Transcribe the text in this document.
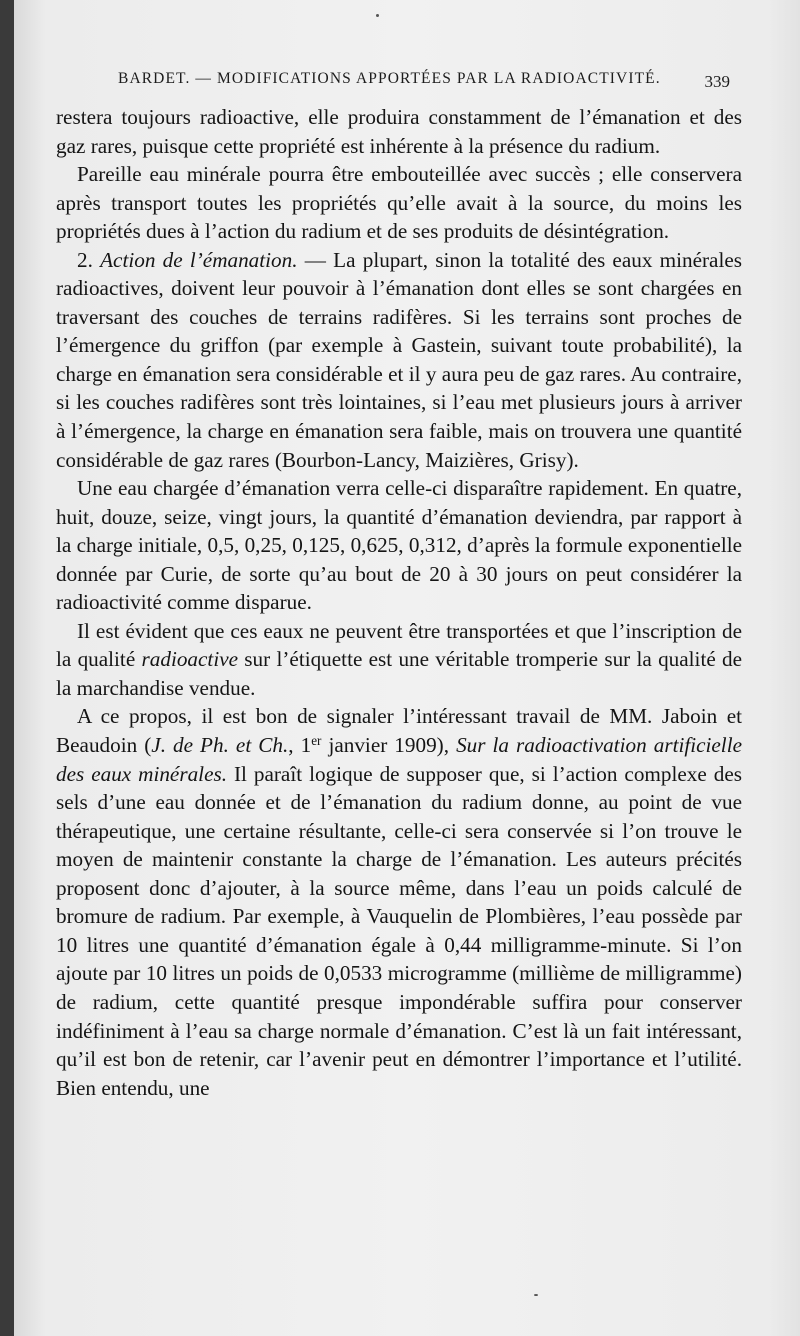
BARDET. — MODIFICATIONS APPORTÉES PAR LA RADIOACTIVITÉ.	339

restera toujours radioactive, elle produira constamment de l’émanation et des gaz rares, puisque cette propriété est inhérente à la présence du radium.

Pareille eau minérale pourra être embouteillée avec succès ; elle conservera après transport toutes les propriétés qu’elle avait à la source, du moins les propriétés dues à l’action du radium et de ses produits de désintégration.

2. Action de l’émanation. — La plupart, sinon la totalité des eaux minérales radioactives, doivent leur pouvoir à l’émanation dont elles se sont chargées en traversant des couches de terrains radifères. Si les terrains sont proches de l’émergence du griffon (par exemple à Gastein, suivant toute probabilité), la charge en émanation sera considérable et il y aura peu de gaz rares. Au contraire, si les couches radifères sont très lointaines, si l’eau met plusieurs jours à arriver à l’émergence, la charge en émanation sera faible, mais on trouvera une quantité considérable de gaz rares (Bourbon-Lancy, Maizières, Grisy).

Une eau chargée d’émanation verra celle-ci disparaître rapidement. En quatre, huit, douze, seize, vingt jours, la quantité d’émanation deviendra, par rapport à la charge initiale, 0,5, 0,25, 0,125, 0,625, 0,312, d’après la formule exponentielle donnée par Curie, de sorte qu’au bout de 20 à 30 jours on peut considérer la radioactivité comme disparue.

Il est évident que ces eaux ne peuvent être transportées et que l’inscription de la qualité radioactive sur l’étiquette est une véritable tromperie sur la qualité de la marchandise vendue.

A ce propos, il est bon de signaler l’intéressant travail de MM. Jaboin et Beaudoin (J. de Ph. et Ch., 1er janvier 1909), Sur la radioactivation artificielle des eaux minérales. Il paraît logique de supposer que, si l’action complexe des sels d’une eau donnée et de l’émanation du radium donne, au point de vue thérapeutique, une certaine résultante, celle-ci sera conservée si l’on trouve le moyen de maintenir constante la charge de l’émanation. Les auteurs précités proposent donc d’ajouter, à la source même, dans l’eau un poids calculé de bromure de radium. Par exemple, à Vauquelin de Plombières, l’eau possède par 10 litres une quantité d’émanation égale à 0,44 milligramme-minute. Si l’on ajoute par 10 litres un poids de 0,0533 microgramme (millième de milligramme) de radium, cette quantité presque impondérable suffira pour conserver indéfiniment à l’eau sa charge normale d’émanation. C’est là un fait intéressant, qu’il est bon de retenir, car l’avenir peut en démontrer l’importance et l’utilité. Bien entendu, une
